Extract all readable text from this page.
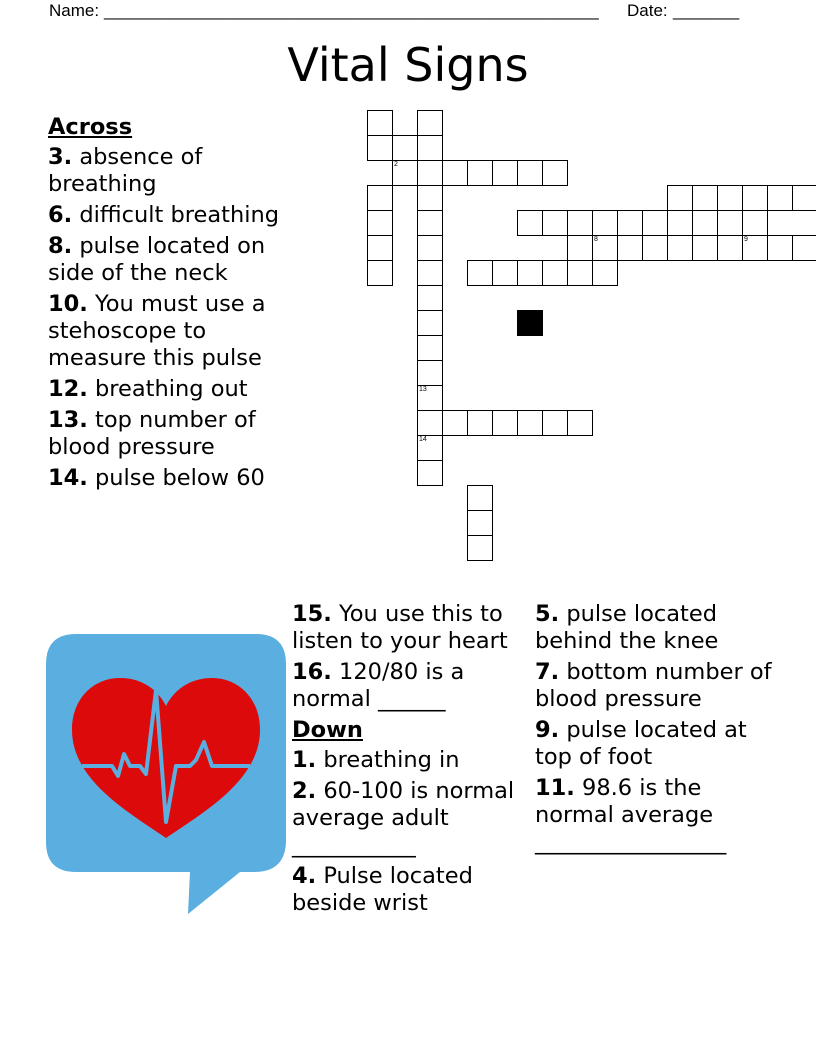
Name: ______________________________________________________ Date: _______
Vital Signs
8	9
13
14
2
Across
3. absence of breathing
6. difficult breathing
8. pulse located on side of the neck
10. You must use a stehoscope to measure this pulse
12. breathing out
13. top number of blood pressure
14. pulse below 60
15. You use this to listen to your heart
16. 120/80 is a normal ______
Down
1. breathing in
2. 60-100 is normal average adult ___________
4. Pulse located beside wrist
5. pulse located behind the knee
7. bottom number of blood pressure
9. pulse located at top of foot
11. 98.6 is the normal average _________________
